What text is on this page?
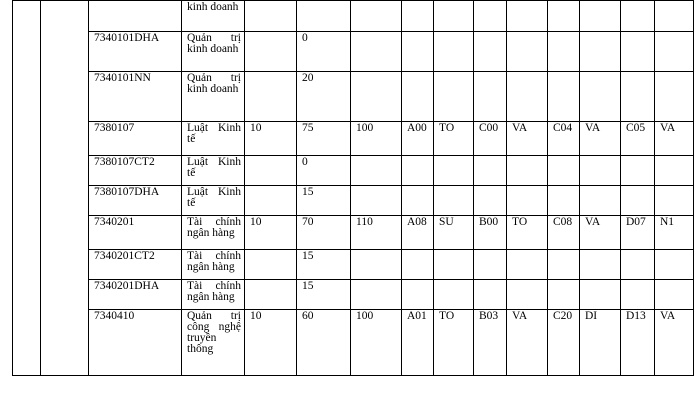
			kinh doanh											

		7340101DHA	Quản trị kinh doanh		0									
		7340101NN	Quản trị kinh doanh		20									
		7380107	Luật Kinh tế	10	75	100	A00	TO	C00	VA	C04	VA	C05	VA
		7380107CT2	Luật Kinh tế		0									
		7380107DHA	Luật Kinh tế		15									
		7340201	Tài chính ngân hàng	10	70	110	A08	SU	B00	TO	C08	VA	D07	N1
		7340201CT2	Tài chính ngân hàng		15									
		7340201DHA	Tài chính ngân hàng		15									
		7340410	Quản trị công nghệ truyền thông	10	60	100	A01	TO	B03	VA	C20	DI	D13	VA
